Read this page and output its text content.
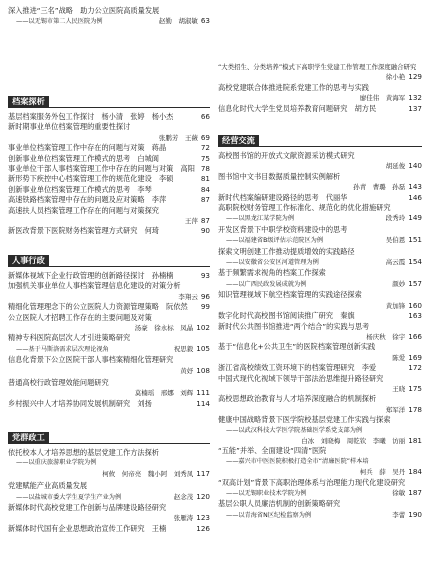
深入推进“三名”战略　助力公立医院高质量发展
——以无锡市第二人民医院为例	赵勤　胡淑敏 63
档案探析
基层档案服务外包工作探讨　杨小清　张婷　杨小杰	66
新时期事业单位档案管理的重要性探讨
张鹏芳　王薇 69
事业单位档案管理工作中存在的问题与对策　蒋晶	72
创新事业单位档案管理工作模式的思考　白城阆	75
事业单位干部人事档案管理工作中存在的问题与对策　高阳 78
新形势下疾控中心档案管理工作的规范化建设　李硕	81
创新事业单位档案管理工作模式的思考　李琴	84
高速铁路档案管理中存在的问题及应对策略　李萍	87
高速扶人员档案管理工作存在的问题与对策探究
王萍 87
新医改背景下医院财务档案管理方式研究　何琦	90
人事行政
新媒体视域下企业行政管理的创新路径探讨　孙楠楠	93
加强机关事业单位人事档案管理信息化建设的对策分析
李翔云 96
精细化管理理念下的公立医院人力资源管理策略　阮依然 99
公立医院人才招聘工作存在的主要问题及对策
汤豪　徐永标　凤晶 102
精神专科医院高层次人才引进策略研究
——基于马斯洛需求层次理论视角	祝思毅 105
信息化背景下公立医院干部人事档案精细化管理研究
黄妤 108
普通高校行政管理效能问题研究
莫楠瑶　邢娜　刘辉 111
乡村振兴中人才培养协同发展机制研究　刘扬	114
党群政工
依托校本人才培养思想的基层党建工作方法探析
——以重庆旅游职业学院为例
柯攸　何帝亮　魏小阿　刘秀凤 117
党建赋能产业高质量发展
——以盐城市委大学生夏学生产业为例	赵念茂 120
新媒体时代高校党建工作创新与品牌建设路径研究
张雁涛 123
新媒体时代国有企业思想政治宣传工作研究　王楠	126
“大类招生、分类培养”模式下高职学生党建工作管理工作深度融合研究
徐小艳 129
高校党建联合体推进院系党建工作的思考与实践
廖佳伟　黄海军 132
信息化时代大学生党员培养教育问题研究　胡方民	137
经营交流
高校图书馆的开放式文献资源采访模式研究
胡延俊 140
图书馆中文书目数据质量控制实例解析
孙青　曹璐　孙磊 143
新时代档案编研建设路径的思考　代丽华	146
高职院校财务管理工作标准化、规范化的优化措施研究
——以黑龙江某学院为例	段秀玲 149
开发区背景下中职学校资料建设中的思考
——以福建省B级评估示范院区为例	吴伯恩 151
探索文明创建工作推动提质增效的实践路径
——以安徽省公安区河道管理为例	高云霞 154
基于频繁需求视角的档案工作探索
——以广西民政发展成就为例	颜妙 157
知识管理视域下航空档案管理的实践途径探索
黄加锋 160
数字化时代高校图书馆阅读推广研究　秦旗	163
新时代公共图书馆推进“两个结合”的实践与思考
杨庆秋　徐宇 166
基于“信息化+公共卫生”的医院档案管理创新实践
陈爱 169
浙江省高校绩效工资环境下的档案管理研究　李爱	172
中国式现代化视域下领导干部法治思维提升路径研究
王晓 175
高校思想政治教育与人才培养深度融合的机制探析
郑军洋 178
健康中国战略背景下医学院校基层党建工作实践与探索
——以武汉科技大学医学院基础医学系党支部为例
白冰　刘晓梅　周乾钦　李曦　访丽 181
“五能”并举、全面建设“四清”医院
——嘉兴市中医医院积极打造全市“清廉医院”样本培
柯兵　薛　吴丹 184
“双高计划”背景下高职治理体系与治理能力现代化建设研究
——以无锡职业技术学院为例	徐敏 187
基层公职人员廉洁机制的创新策略研究
——以青海省N区纪检监察为例	李蕾 190
